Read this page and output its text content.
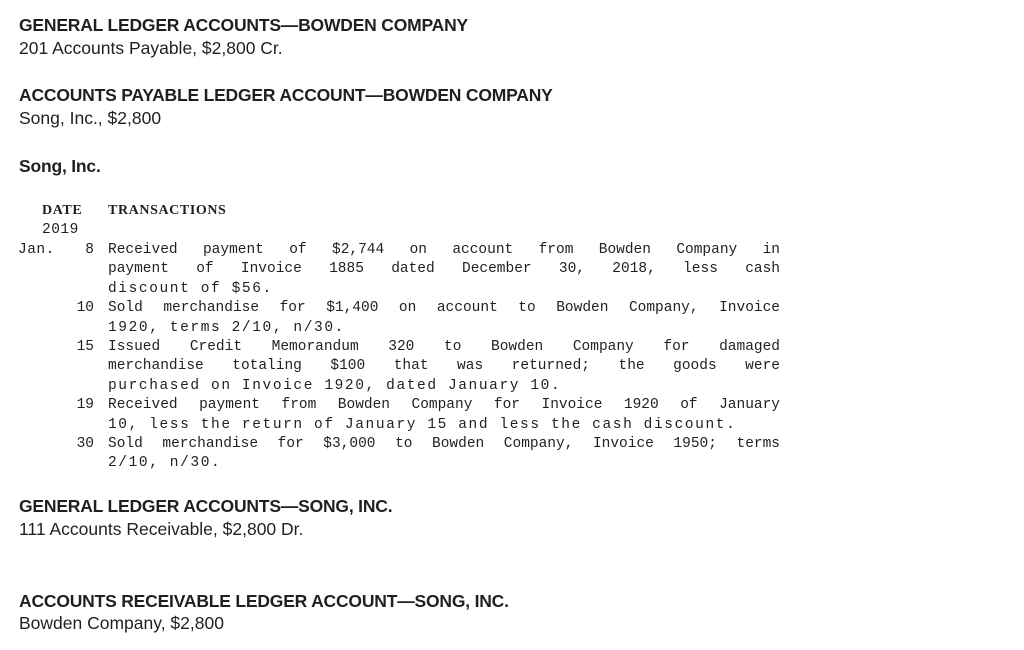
GENERAL LEDGER ACCOUNTS—BOWDEN COMPANY
201 Accounts Payable, $2,800 Cr.
ACCOUNTS PAYABLE LEDGER ACCOUNT—BOWDEN COMPANY
Song, Inc., $2,800
Song, Inc.
DATE TRANSACTIONS
2019
Jan.	8 Received payment of $2,744 on account from Bowden Company in
payment of Invoice 1885 dated December 30, 2018, less cash
discount of $56.
10 Sold merchandise for $1,400 on account to Bowden Company, Invoice
1920, terms 2/10, n/30.
15 Issued Credit Memorandum 320 to Bowden Company for damaged
merchandise totaling $100 that was returned; the goods were
purchased on Invoice 1920, dated January 10.
19 Received payment from Bowden Company for Invoice 1920 of January
10, less the return of January 15 and less the cash discount.
30 Sold merchandise for $3,000 to Bowden Company, Invoice 1950; terms
2/10, n/30.
GENERAL LEDGER ACCOUNTS—SONG, INC.
111 Accounts Receivable, $2,800 Dr.
ACCOUNTS RECEIVABLE LEDGER ACCOUNT—SONG, INC.
Bowden Company, $2,800
